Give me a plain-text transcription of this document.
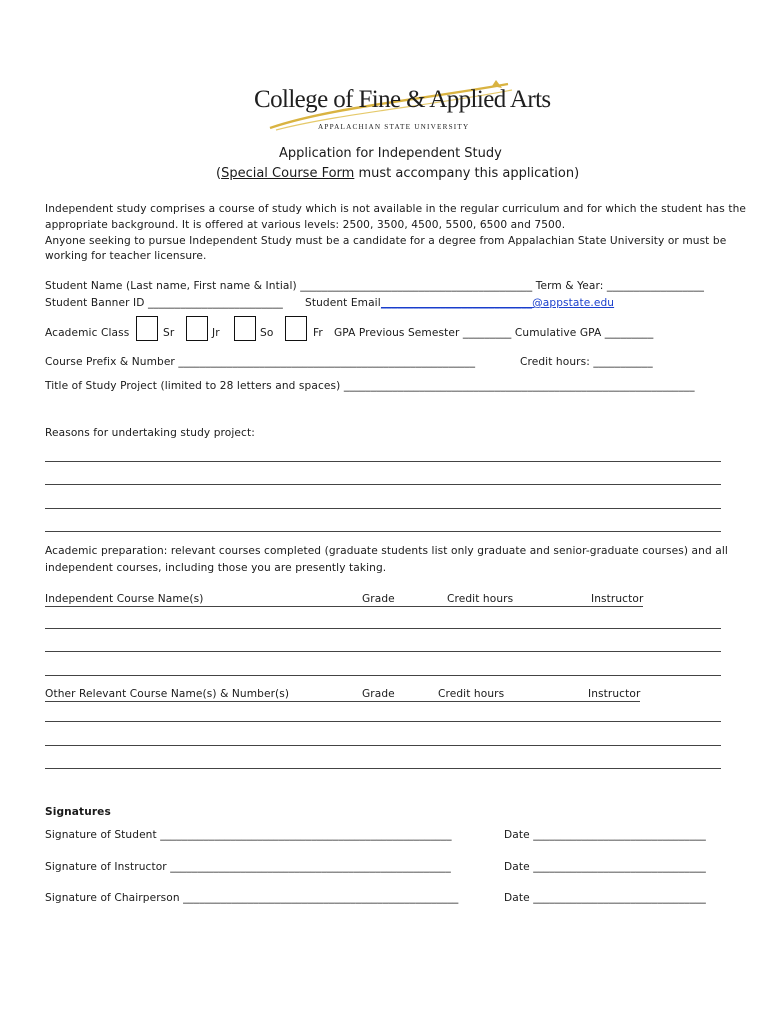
College of Fine & Applied Arts
APPALACHIAN STATE UNIVERSITY
Application for Independent Study
(Special Course Form must accompany this application)
Independent study comprises a course of study which is not available in the regular curriculum and for which the student has the
appropriate background. It is offered at various levels: 2500, 3500, 4500, 5500, 6500 and 7500.
Anyone seeking to pursue Independent Study must be a candidate for a degree from Appalachian State University or must be
working for teacher licensure.
Student Name (Last name, First name & Intial) ___________________________________________ Term & Year: __________________
Student Banner ID _________________________ Student Email ____________________________@appstate.edu
Academic Class	Sr	Jr	So	Fr GPA Previous Semester _________ Cumulative GPA _________
Course Prefix & Number _______________________________________________________	Credit hours: ___________
Title of Study Project (limited to 28 letters and spaces) _________________________________________________________________
Reasons for undertaking study project:
Academic preparation: relevant courses completed (graduate students list only graduate and senior-graduate courses) and all
independent courses, including those you are presently taking.
Independent Course Name(s)	Grade	Credit hours	Instructor
Other Relevant Course Name(s) & Number(s)	Grade	Credit hours	Instructor
Signatures
Signature of Student ______________________________________________________	Date ________________________________
Signature of Instructor ____________________________________________________	Date ________________________________
Signature of Chairperson ___________________________________________________	Date ________________________________
